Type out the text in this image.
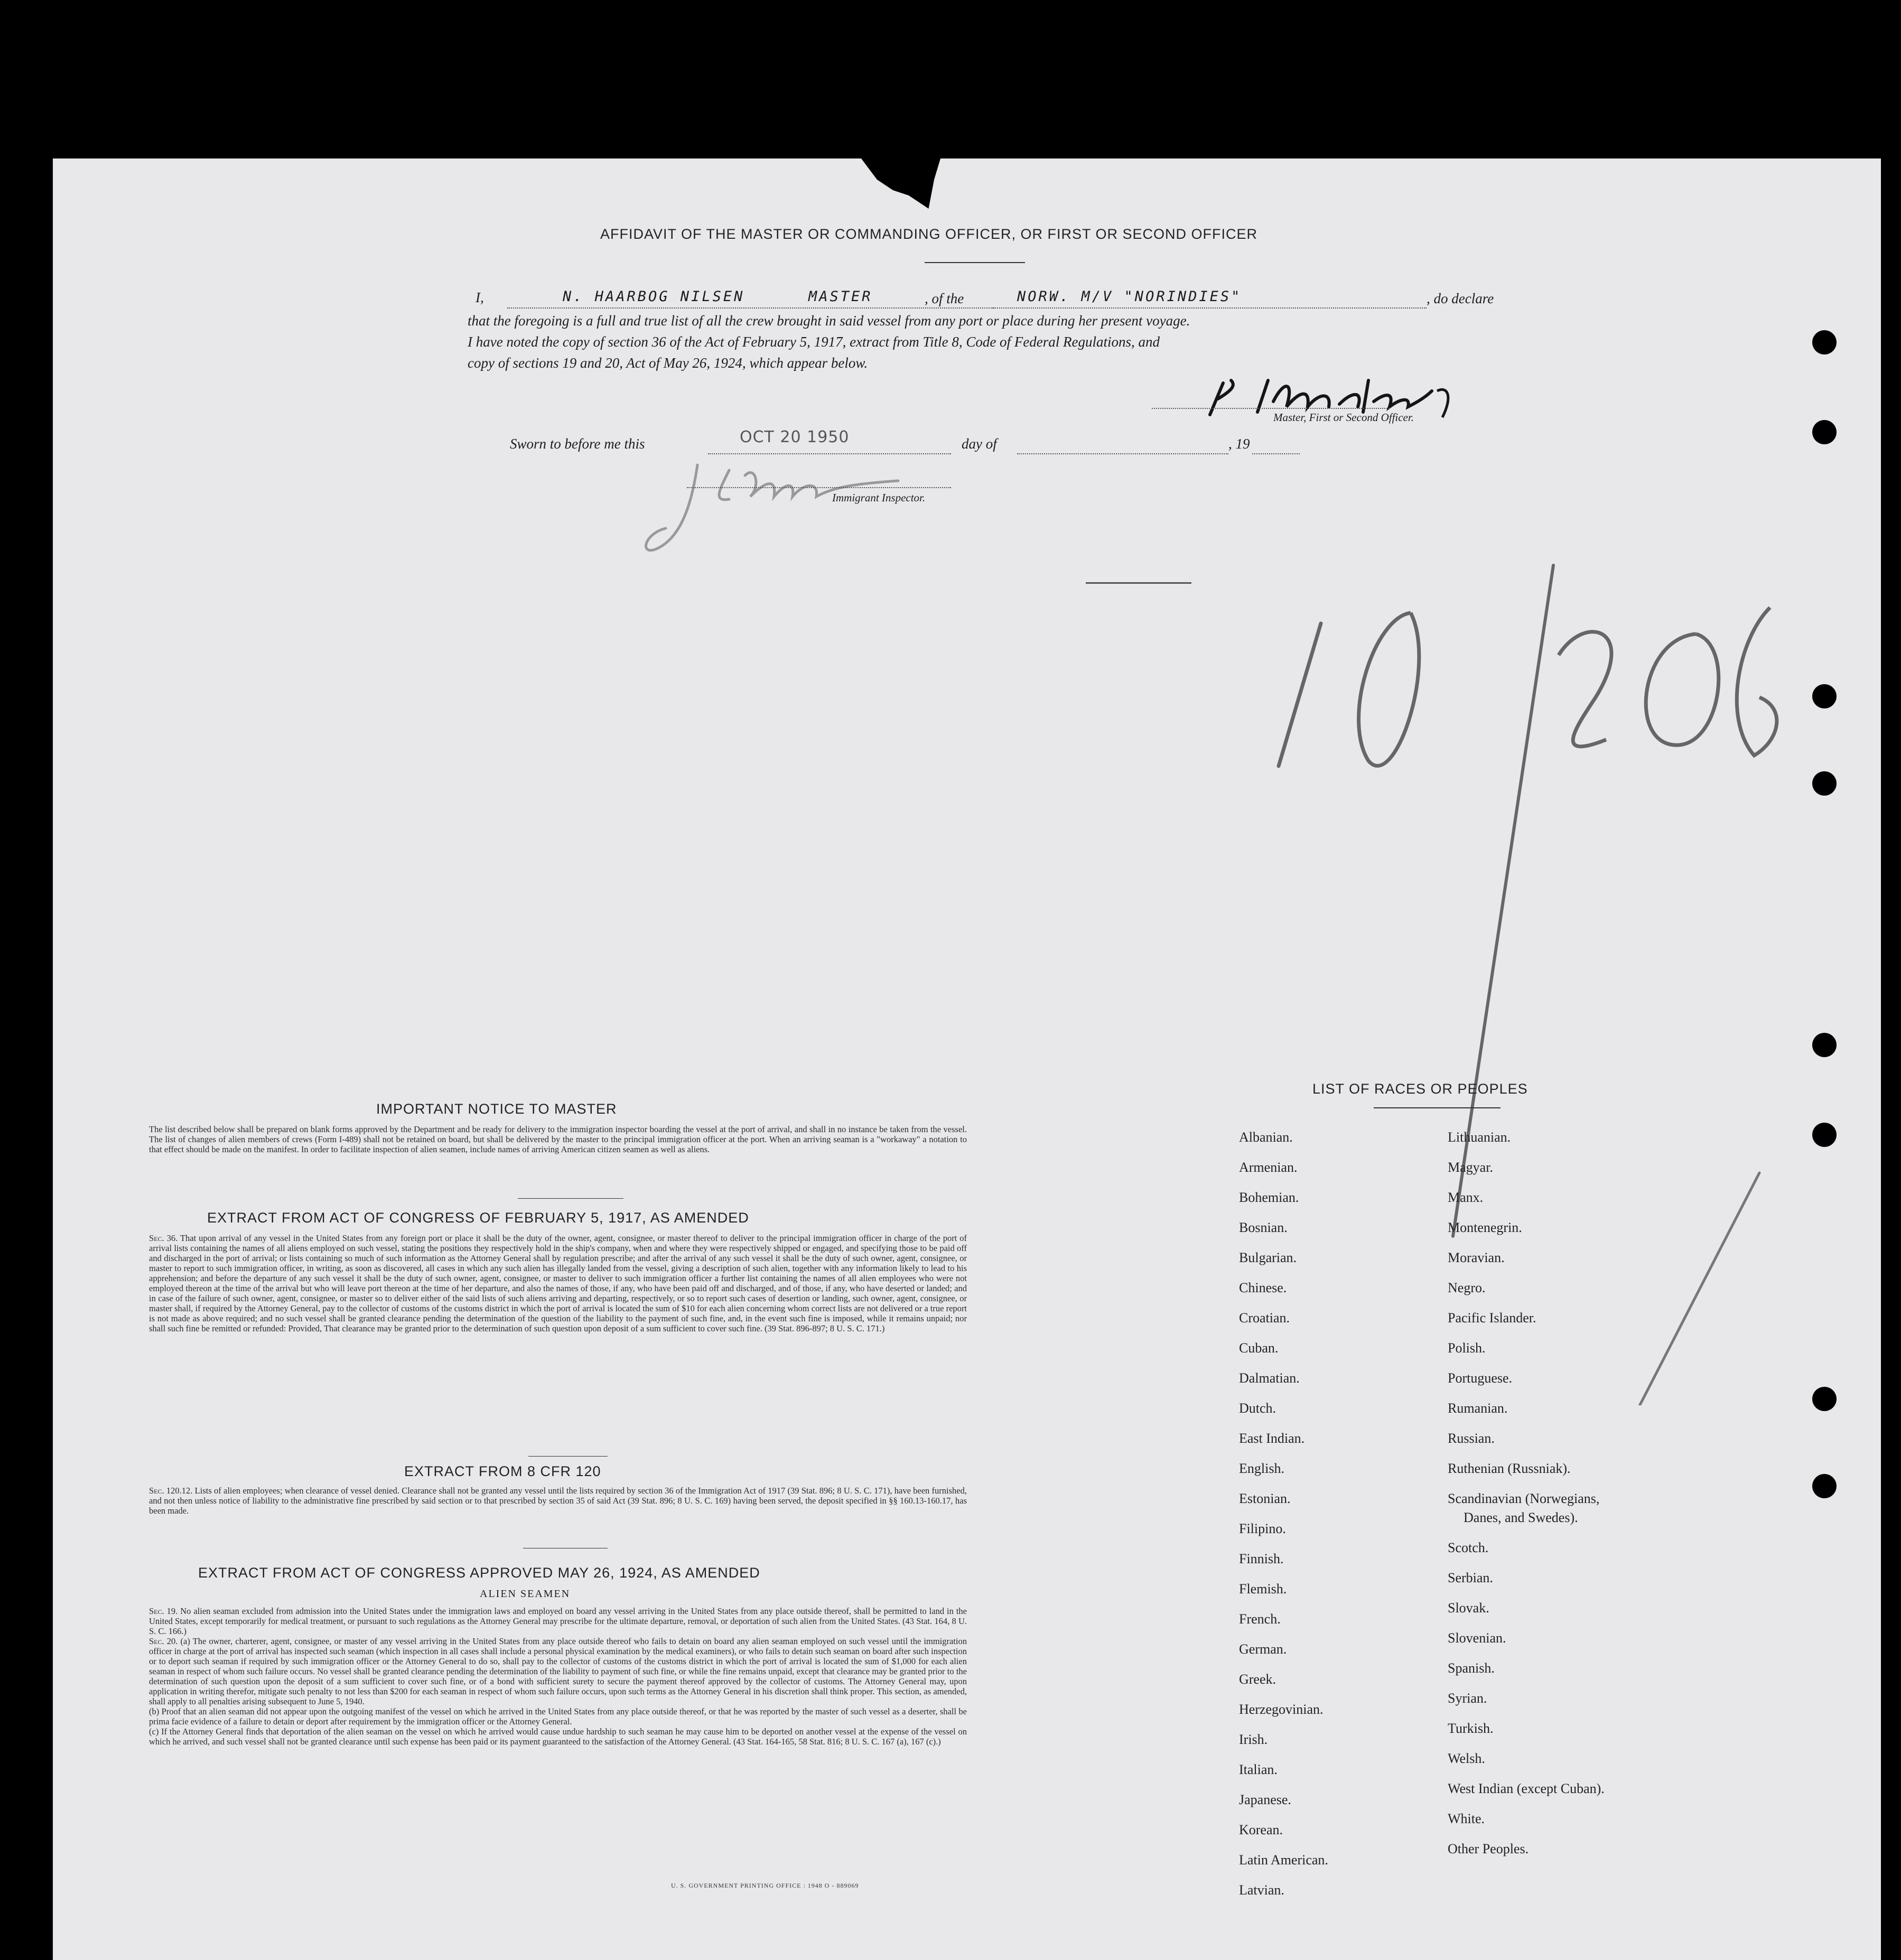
AFFIDAVIT OF THE MASTER OR COMMANDING OFFICER, OR FIRST OR SECOND OFFICER
I,	N. HAARBOG NILSEN	MASTER	, of the	NORW. M/V "NORINDIES"	, do declare
that the foregoing is a full and true list of all the crew brought in said vessel from any port or place during her present voyage.
I have noted the copy of section 36 of the Act of February 5, 1917, extract from Title 8, Code of Federal Regulations, and
copy of sections 19 and 20, Act of May 26, 1924, which appear below.
Master, First or Second Officer.
Sworn to before me this	OCT 20 1950	day of	, 19
Immigrant Inspector.
IMPORTANT NOTICE TO MASTER
The list described below shall be prepared on blank forms approved by the Department and be ready for delivery to the immigration inspector boarding the vessel at the port of arrival, and shall in no instance be taken from the vessel. The list of changes of alien members of crews (Form I-489) shall not be retained on board, but shall be delivered by the master to the principal immigration officer at the port. When an arriving seaman is a "workaway" a notation to that effect should be made on the manifest. In order to facilitate inspection of alien seamen, include names of arriving American citizen seamen as well as aliens.
EXTRACT FROM ACT OF CONGRESS OF FEBRUARY 5, 1917, AS AMENDED
Sec. 36. That upon arrival of any vessel in the United States from any foreign port or place it shall be the duty of the owner, agent, consignee, or master thereof to deliver to the principal immigration officer in charge of the port of arrival lists containing the names of all aliens employed on such vessel, stating the positions they respectively hold in the ship's company, when and where they were respectively shipped or engaged, and specifying those to be paid off and discharged in the port of arrival; or lists containing so much of such information as the Attorney General shall by regulation prescribe; and after the arrival of any such vessel it shall be the duty of such owner, agent, consignee, or master to report to such immigration officer, in writing, as soon as discovered, all cases in which any such alien has illegally landed from the vessel, giving a description of such alien, together with any information likely to lead to his apprehension; and before the departure of any such vessel it shall be the duty of such owner, agent, consignee, or master to deliver to such immigration officer a further list containing the names of all alien employees who were not employed thereon at the time of the arrival but who will leave port thereon at the time of her departure, and also the names of those, if any, who have been paid off and discharged, and of those, if any, who have deserted or landed; and in case of the failure of such owner, agent, consignee, or master so to deliver either of the said lists of such aliens arriving and departing, respectively, or so to report such cases of desertion or landing, such owner, agent, consignee, or master shall, if required by the Attorney General, pay to the collector of customs of the customs district in which the port of arrival is located the sum of $10 for each alien concerning whom correct lists are not delivered or a true report is not made as above required; and no such vessel shall be granted clearance pending the determination of the question of the liability to the payment of such fine, and, in the event such fine is imposed, while it remains unpaid; nor shall such fine be remitted or refunded: Provided, That clearance may be granted prior to the determination of such question upon deposit of a sum sufficient to cover such fine. (39 Stat. 896-897; 8 U. S. C. 171.)
EXTRACT FROM 8 CFR 120
Sec. 120.12. Lists of alien employees; when clearance of vessel denied. Clearance shall not be granted any vessel until the lists required by section 36 of the Immigration Act of 1917 (39 Stat. 896; 8 U. S. C. 171), have been furnished, and not then unless notice of liability to the administrative fine prescribed by said section or to that prescribed by section 35 of said Act (39 Stat. 896; 8 U. S. C. 169) having been served, the deposit specified in §§ 160.13-160.17, has been made.
EXTRACT FROM ACT OF CONGRESS APPROVED MAY 26, 1924, AS AMENDED
ALIEN SEAMEN
Sec. 19. No alien seaman excluded from admission into the United States under the immigration laws and employed on board any vessel arriving in the United States from any place outside thereof, shall be permitted to land in the United States, except temporarily for medical treatment, or pursuant to such regulations as the Attorney General may prescribe for the ultimate departure, removal, or deportation of such alien from the United States. (43 Stat. 164, 8 U. S. C. 166.)
Sec. 20. (a) The owner, charterer, agent, consignee, or master of any vessel arriving in the United States from any place outside thereof who fails to detain on board any alien seaman employed on such vessel until the immigration officer in charge at the port of arrival has inspected such seaman (which inspection in all cases shall include a personal physical examination by the medical examiners), or who fails to detain such seaman on board after such inspection or to deport such seaman if required by such immigration officer or the Attorney General to do so, shall pay to the collector of customs of the customs district in which the port of arrival is located the sum of $1,000 for each alien seaman in respect of whom such failure occurs. No vessel shall be granted clearance pending the determination of the liability to payment of such fine, or while the fine remains unpaid, except that clearance may be granted prior to the determination of such question upon the deposit of a sum sufficient to cover such fine, or of a bond with sufficient surety to secure the payment thereof approved by the collector of customs. The Attorney General may, upon application in writing therefor, mitigate such penalty to not less than $200 for each seaman in respect of whom such failure occurs, upon such terms as the Attorney General in his discretion shall think proper. This section, as amended, shall apply to all penalties arising subsequent to June 5, 1940.
(b) Proof that an alien seaman did not appear upon the outgoing manifest of the vessel on which he arrived in the United States from any place outside thereof, or that he was reported by the master of such vessel as a deserter, shall be prima facie evidence of a failure to detain or deport after requirement by the immigration officer or the Attorney General.
(c) If the Attorney General finds that deportation of the alien seaman on the vessel on which he arrived would cause undue hardship to such seaman he may cause him to be deported on another vessel at the expense of the vessel on which he arrived, and such vessel shall not be granted clearance until such expense has been paid or its payment guaranteed to the satisfaction of the Attorney General. (43 Stat. 164-165, 58 Stat. 816; 8 U. S. C. 167 (a), 167 (c).)
U. S. GOVERNMENT PRINTING OFFICE : 1948 O - 889069
LIST OF RACES OR PEOPLES
Albanian.
Armenian.
Bohemian.
Bosnian.
Bulgarian.
Chinese.
Croatian.
Cuban.
Dalmatian.
Dutch.
East Indian.
English.
Estonian.
Filipino.
Finnish.
Flemish.
French.
German.
Greek.
Herzegovinian.
Irish.
Italian.
Japanese.
Korean.
Latin American.
Latvian.
Lithuanian.
Magyar.
Manx.
Montenegrin.
Moravian.
Negro.
Pacific Islander.
Polish.
Portuguese.
Rumanian.
Russian.
Ruthenian (Russniak).
Scandinavian (Norwegians,
Danes, and Swedes).
Scotch.
Serbian.
Slovak.
Slovenian.
Spanish.
Syrian.
Turkish.
Welsh.
West Indian (except Cuban).
White.
Other Peoples.
